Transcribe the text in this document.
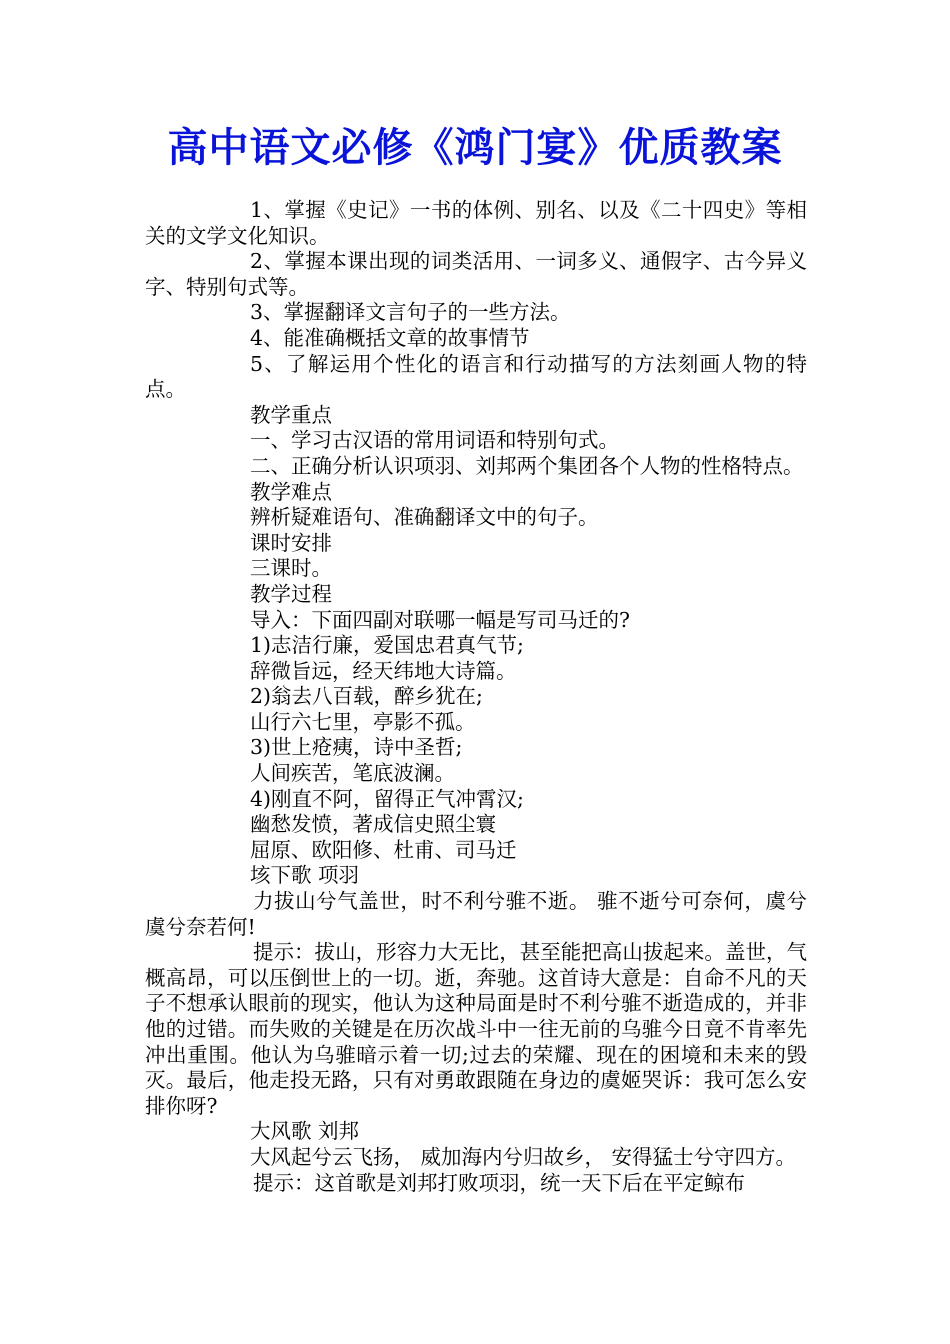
高中语文必修《鸿门宴》优质教案

1、掌握《史记》一书的体例、别名、以及《二十四史》等相关的文学文化知识。

2、掌握本课出现的词类活用、一词多义、通假字、古今异义字、特别句式等。

3、掌握翻译文言句子的一些方法。

4、能准确概括文章的故事情节

5、了解运用个性化的语言和行动描写的方法刻画人物的特点。

教学重点

一、学习古汉语的常用词语和特别句式。

二、正确分析认识项羽、刘邦两个集团各个人物的性格特点。

教学难点

辨析疑难语句、准确翻译文中的句子。

课时安排

三课时。

教学过程

导入：下面四副对联哪一幅是写司马迁的?

1)志洁行廉，爱国忠君真气节;

辞微旨远，经天纬地大诗篇。

2)翁去八百载，醉乡犹在;

山行六七里，亭影不孤。

3)世上疮痍，诗中圣哲;

人间疾苦，笔底波澜。

4)刚直不阿，留得正气冲霄汉;

幽愁发愤，著成信史照尘寰

屈原、欧阳修、杜甫、司马迁

垓下歌 项羽

力拔山兮气盖世，时不利兮骓不逝。 骓不逝兮可奈何，虞兮虞兮奈若何!

提示：拔山，形容力大无比，甚至能把高山拔起来。盖世，气概高昂，可以压倒世上的一切。逝，奔驰。这首诗大意是：自命不凡的天子不想承认眼前的现实，他认为这种局面是时不利兮骓不逝造成的，并非他的过错。而失败的关键是在历次战斗中一往无前的乌骓今日竟不肯率先冲出重围。他认为乌骓暗示着一切;过去的荣耀、现在的困境和未来的毁灭。最后，他走投无路，只有对勇敢跟随在身边的虞姬哭诉：我可怎么安排你呀?

大风歌 刘邦

大风起兮云飞扬， 威加海内兮归故乡， 安得猛士兮守四方。

提示：这首歌是刘邦打败项羽，统一天下后在平定鲸布
